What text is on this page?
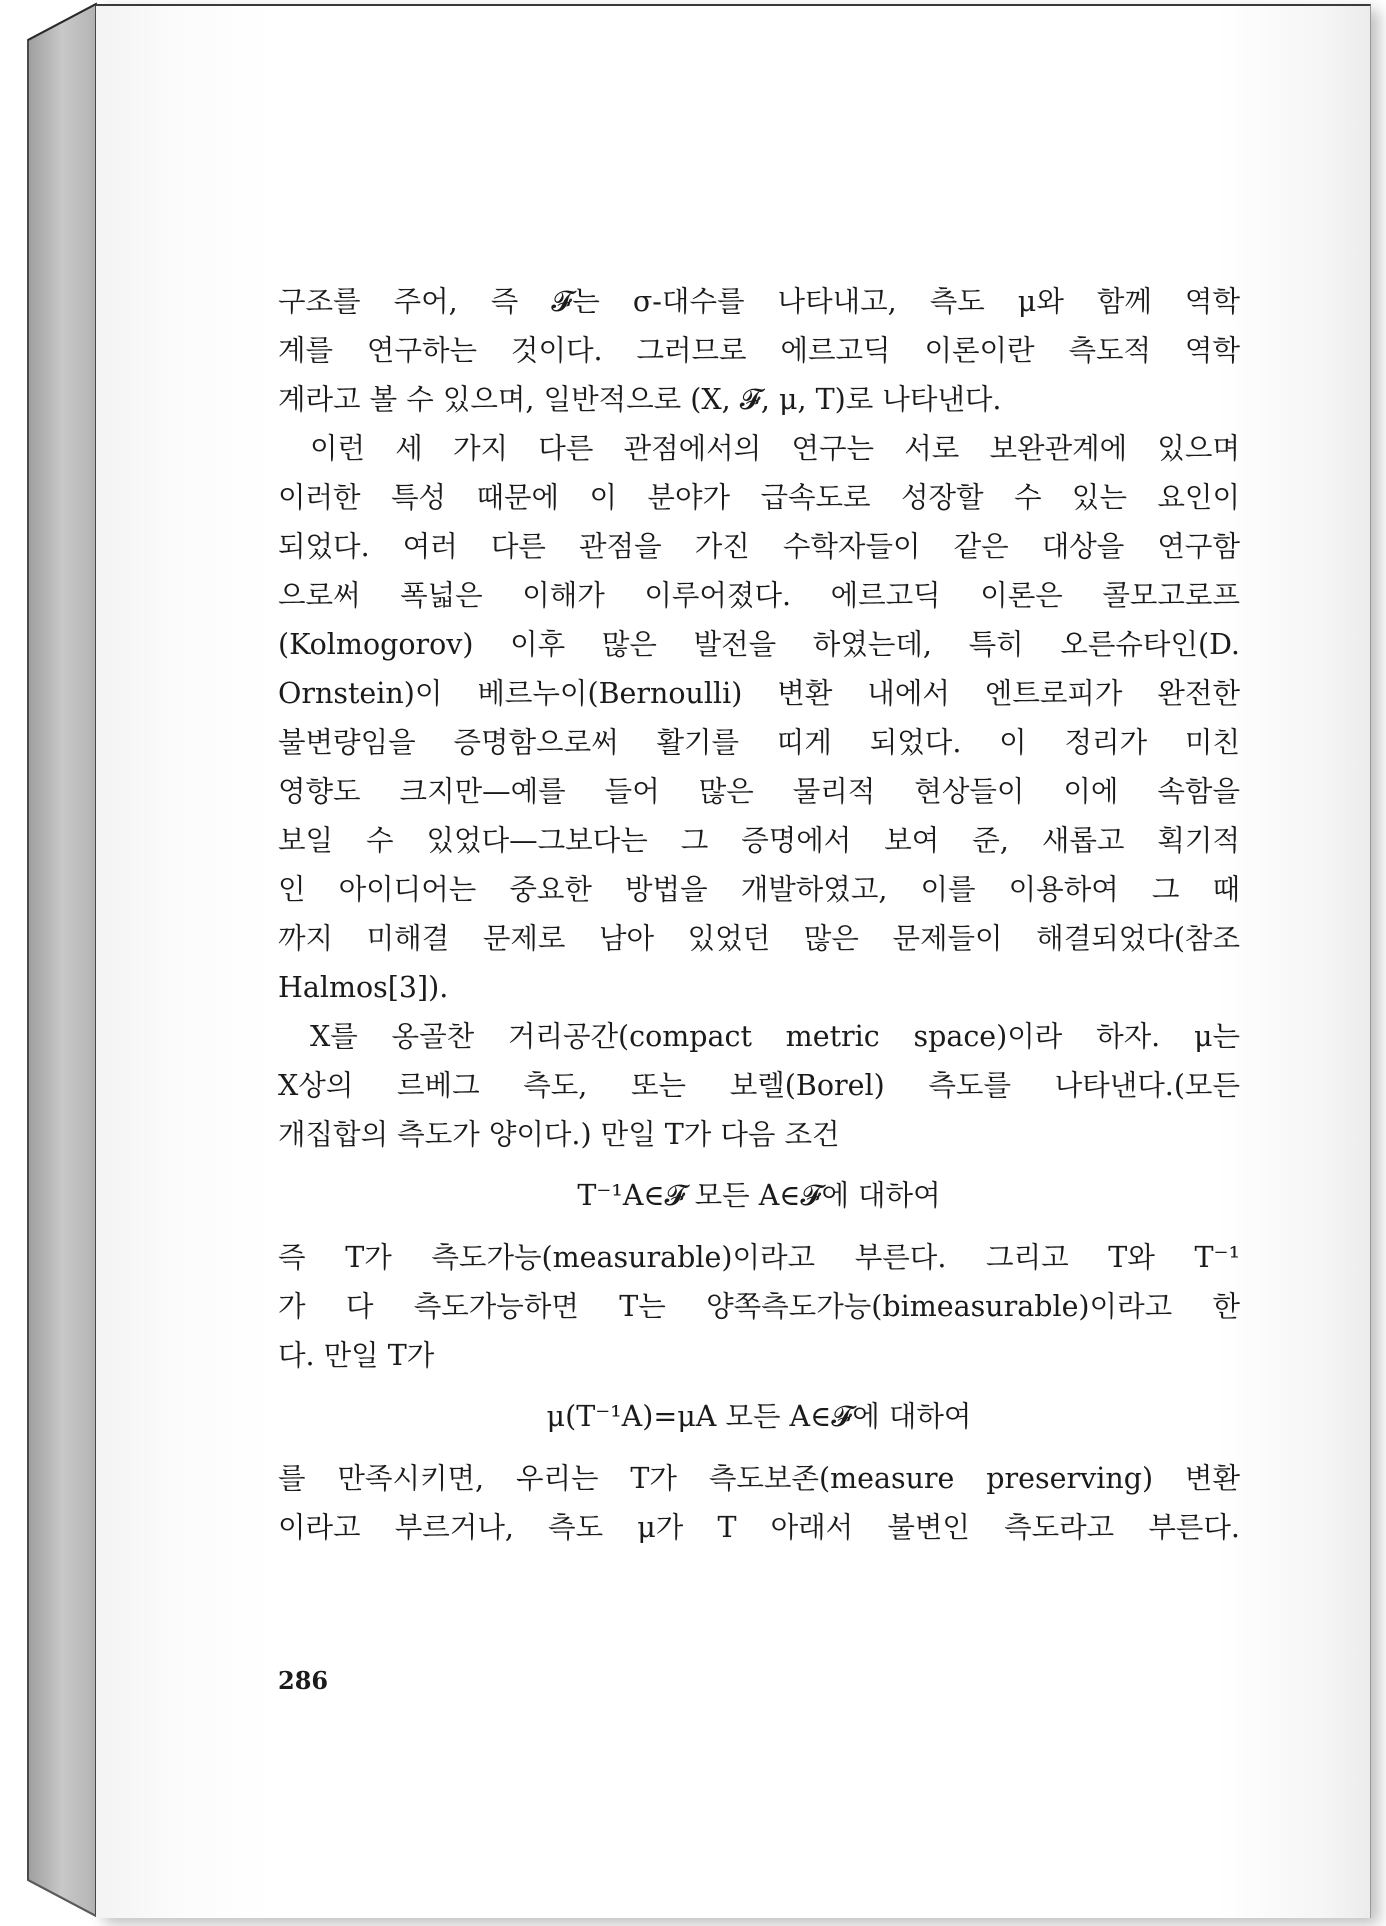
구조를 주어, 즉 𝓕는 σ-대수를 나타내고, 측도 μ와 함께 역학
계를 연구하는 것이다. 그러므로 에르고딕 이론이란 측도적 역학
계라고 볼 수 있으며, 일반적으로 (X, 𝓕, μ, T)로 나타낸다.
이런 세 가지 다른 관점에서의 연구는 서로 보완관계에 있으며
이러한 특성 때문에 이 분야가 급속도로 성장할 수 있는 요인이
되었다. 여러 다른 관점을 가진 수학자들이 같은 대상을 연구함
으로써 폭넓은 이해가 이루어졌다. 에르고딕 이론은 콜모고로프
(Kolmogorov) 이후 많은 발전을 하였는데, 특히 오른슈타인(D.
Ornstein)이 베르누이(Bernoulli) 변환 내에서 엔트로피가 완전한
불변량임을 증명함으로써 활기를 띠게 되었다. 이 정리가 미친
영향도 크지만—예를 들어 많은 물리적 현상들이 이에 속함을
보일 수 있었다—그보다는 그 증명에서 보여 준, 새롭고 획기적
인 아이디어는 중요한 방법을 개발하였고, 이를 이용하여 그 때
까지 미해결 문제로 남아 있었던 많은 문제들이 해결되었다(참조
Halmos[3]).
X를 옹골찬 거리공간(compact metric space)이라 하자. μ는
X상의 르베그 측도, 또는 보렐(Borel) 측도를 나타낸다.(모든
개집합의 측도가 양이다.) 만일 T가 다음 조건
T⁻¹A∈𝓕 모든 A∈𝓕에 대하여
즉 T가 측도가능(measurable)이라고 부른다. 그리고 T와 T⁻¹
가 다 측도가능하면 T는 양쪽측도가능(bimeasurable)이라고 한
다. 만일 T가
μ(T⁻¹A)=μA 모든 A∈𝓕에 대하여
를 만족시키면, 우리는 T가 측도보존(measure preserving) 변환
이라고 부르거나, 측도 μ가 T 아래서 불변인 측도라고 부른다.
286
